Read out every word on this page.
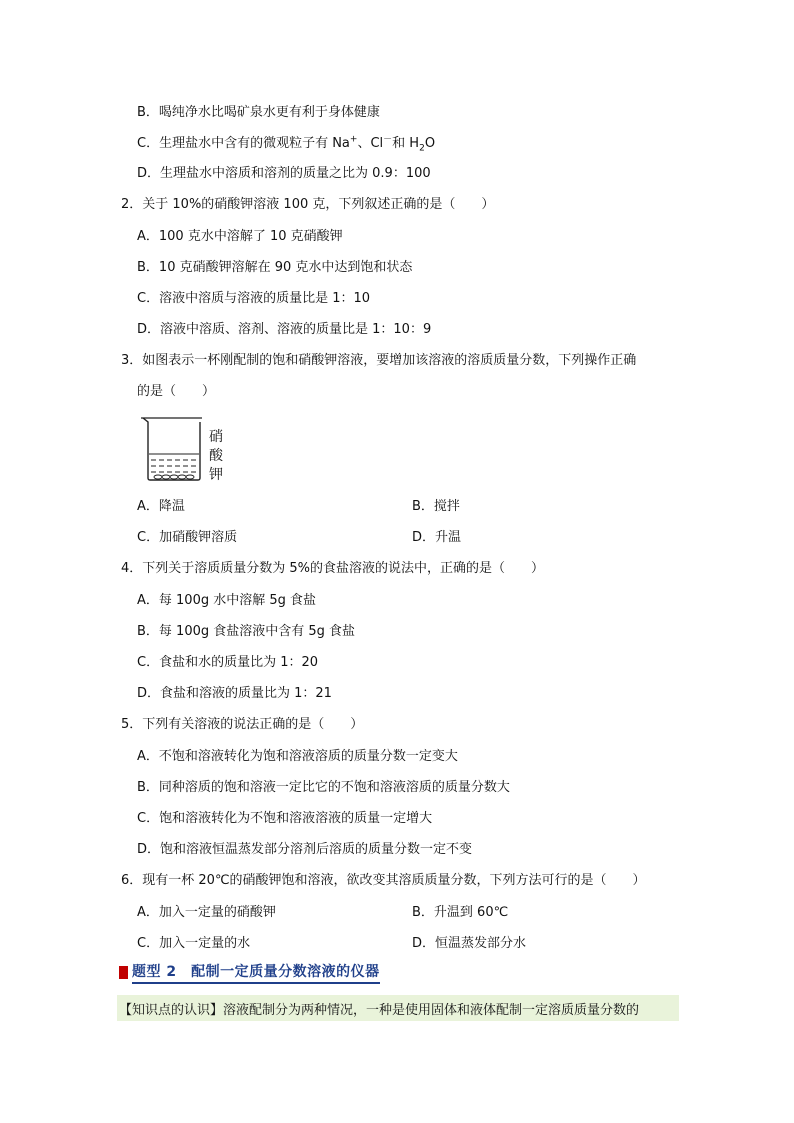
B．喝纯净水比喝矿泉水更有利于身体健康
C．生理盐水中含有的微观粒子有 Na+、Cl－和 $H_2O$
D．生理盐水中溶质和溶剂的质量之比为 0.9：100
2．关于 10%的硝酸钾溶液 100 克，下列叙述正确的是（　　）
A．100 克水中溶解了 10 克硝酸钾
B．10 克硝酸钾溶解在 90 克水中达到饱和状态
C．溶液中溶质与溶液的质量比是 1：10
D．溶液中溶质、溶剂、溶液的质量比是 1：10：9
3．如图表示一杯刚配制的饱和硝酸钾溶液，要增加该溶液的溶质质量分数，下列操作正确
的是（　　）
硝
酸
钾
A．降温	B．搅拌
C．加硝酸钾溶质	D．升温
4．下列关于溶质质量分数为 5%的食盐溶液的说法中，正确的是（　　）
A．每 100g 水中溶解 5g 食盐
B．每 100g 食盐溶液中含有 5g 食盐
C．食盐和水的质量比为 1：20
D．食盐和溶液的质量比为 1：21
5．下列有关溶液的说法正确的是（　　）
A．不饱和溶液转化为饱和溶液溶质的质量分数一定变大
B．同种溶质的饱和溶液一定比它的不饱和溶液溶质的质量分数大
C．饱和溶液转化为不饱和溶液溶液的质量一定增大
D．饱和溶液恒温蒸发部分溶剂后溶质的质量分数一定不变
6．现有一杯 20℃的硝酸钾饱和溶液，欲改变其溶质质量分数，下列方法可行的是（　　）
A．加入一定量的硝酸钾	B．升温到 60℃
C．加入一定量的水	D．恒温蒸发部分水
题型 2　配制一定质量分数溶液的仪器
【知识点的认识】溶液配制分为两种情况，一种是使用固体和液体配制一定溶质质量分数的
